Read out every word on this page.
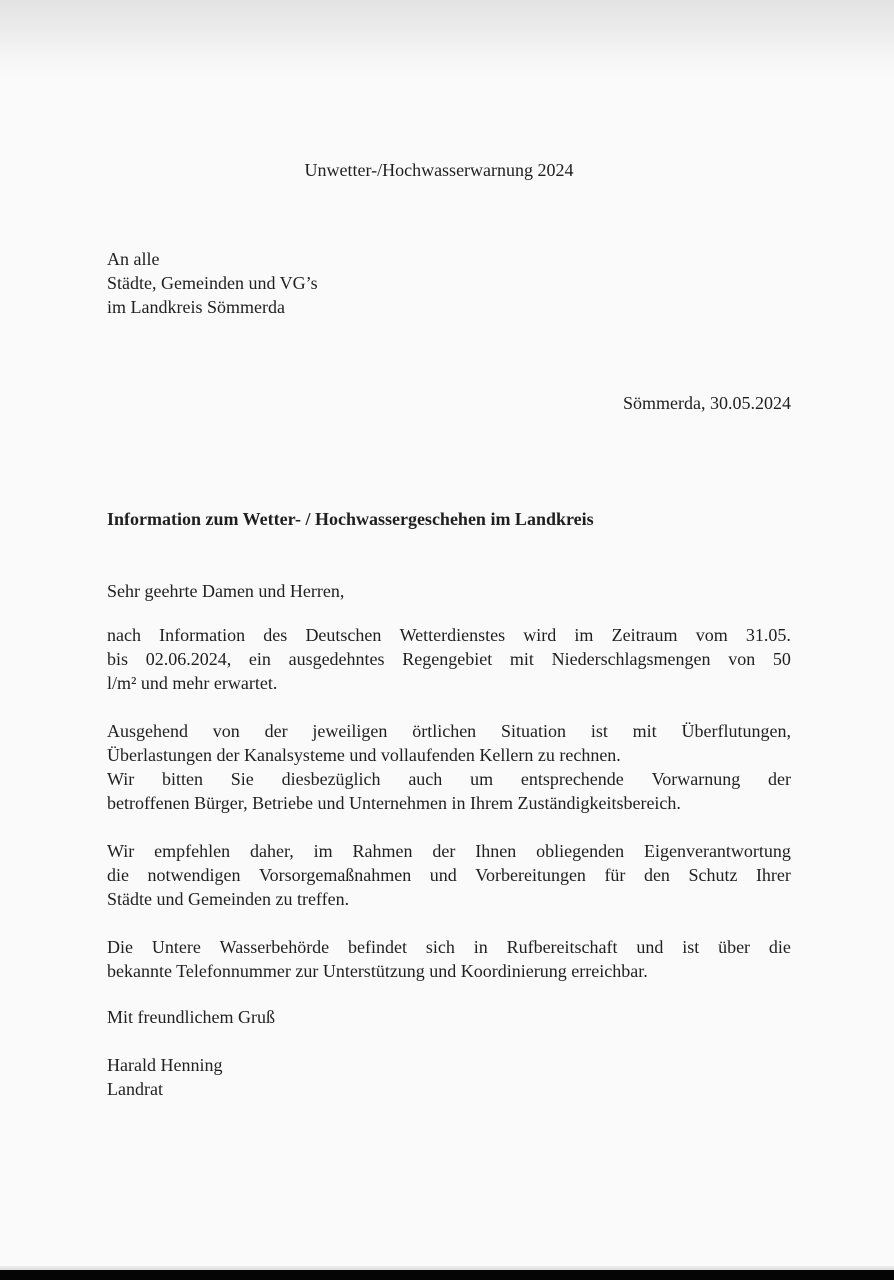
Unwetter-/Hochwasserwarnung 2024
An alle
Städte, Gemeinden und VG’s
im Landkreis Sömmerda
Sömmerda, 30.05.2024
Information zum Wetter- / Hochwassergeschehen im Landkreis
Sehr geehrte Damen und Herren,
nach Information des Deutschen Wetterdienstes wird im Zeitraum vom 31.05.
bis 02.06.2024, ein ausgedehntes Regengebiet mit Niederschlagsmengen von 50
l/m² und mehr erwartet.
Ausgehend von der jeweiligen örtlichen Situation ist mit Überflutungen,
Überlastungen der Kanalsysteme und vollaufenden Kellern zu rechnen.
Wir bitten Sie diesbezüglich auch um entsprechende Vorwarnung der
betroffenen Bürger, Betriebe und Unternehmen in Ihrem Zuständigkeitsbereich.
Wir empfehlen daher, im Rahmen der Ihnen obliegenden Eigenverantwortung
die notwendigen Vorsorgemaßnahmen und Vorbereitungen für den Schutz Ihrer
Städte und Gemeinden zu treffen.
Die Untere Wasserbehörde befindet sich in Rufbereitschaft und ist über die
bekannte Telefonnummer zur Unterstützung und Koordinierung erreichbar.
Mit freundlichem Gruß
Harald Henning
Landrat
